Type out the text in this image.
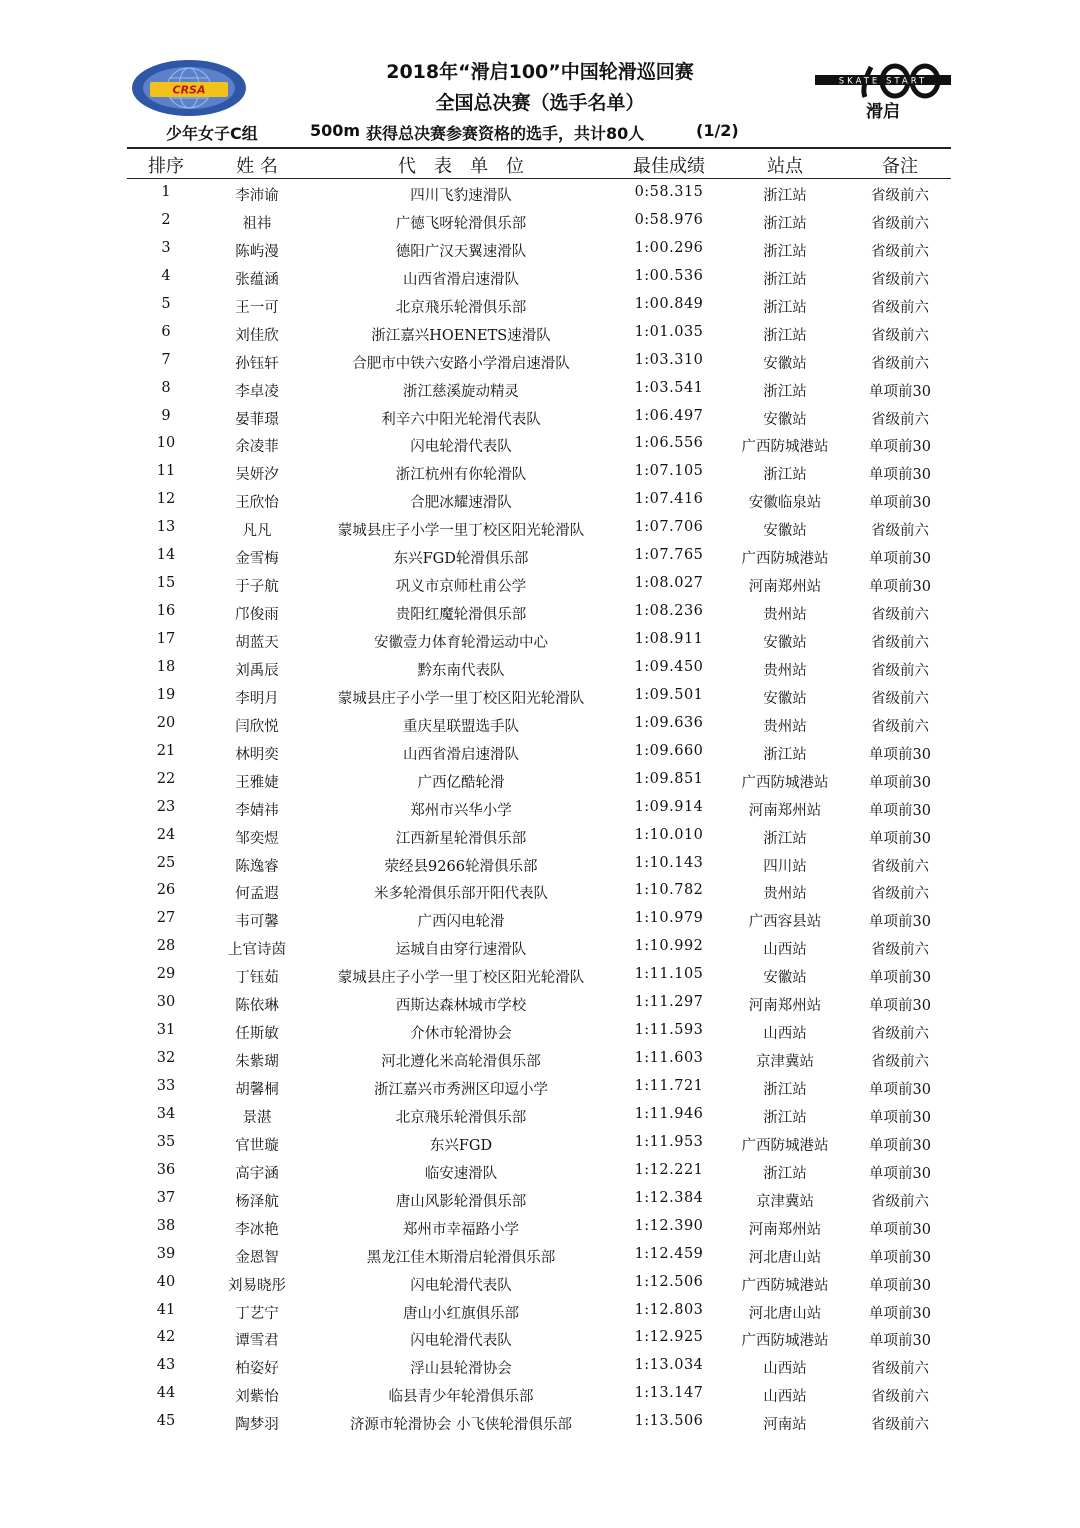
CRSA
SKATE START
滑启
2018年“滑启100”中国轮滑巡回赛
全国总决赛（选手名单）
少年女子C组	500m 获得总决赛参赛资格的选手，共计80人	(1/2)
排序	姓 名	代　表　单　位	最佳成绩	站点	备注
1	李沛谕	四川飞豹速滑队	0:58.315	浙江站	省级前六
2	祖祎	广德飞呀轮滑俱乐部	0:58.976	浙江站	省级前六
3	陈屿漫	德阳广汉天翼速滑队	1:00.296	浙江站	省级前六
4	张蕴涵	山西省滑启速滑队	1:00.536	浙江站	省级前六
5	王一可	北京飛乐轮滑俱乐部	1:00.849	浙江站	省级前六
6	刘佳欣	浙江嘉兴HOENETS速滑队	1:01.035	浙江站	省级前六
7	孙钰轩	合肥市中铁六安路小学滑启速滑队	1:03.310	安徽站	省级前六
8	李卓凌	浙江慈溪旋动精灵	1:03.541	浙江站	单项前30
9	晏菲璟	利辛六中阳光轮滑代表队	1:06.497	安徽站	省级前六
10	余凌菲	闪电轮滑代表队	1:06.556	广西防城港站	单项前30
11	吴妍汐	浙江杭州有你轮滑队	1:07.105	浙江站	单项前30
12	王欣怡	合肥冰耀速滑队	1:07.416	安徽临泉站	单项前30
13	凡凡	蒙城县庄子小学一里丁校区阳光轮滑队	1:07.706	安徽站	省级前六
14	金雪梅	东兴FGD轮滑俱乐部	1:07.765	广西防城港站	单项前30
15	于子航	巩义市京师杜甫公学	1:08.027	河南郑州站	单项前30
16	邝俊雨	贵阳红魔轮滑俱乐部	1:08.236	贵州站	省级前六
17	胡蓝天	安徽壹力体育轮滑运动中心	1:08.911	安徽站	省级前六
18	刘禹辰	黔东南代表队	1:09.450	贵州站	省级前六
19	李明月	蒙城县庄子小学一里丁校区阳光轮滑队	1:09.501	安徽站	省级前六
20	闫欣悦	重庆星联盟选手队	1:09.636	贵州站	省级前六
21	林明奕	山西省滑启速滑队	1:09.660	浙江站	单项前30
22	王雅婕	广西亿酷轮滑	1:09.851	广西防城港站	单项前30
23	李婧祎	郑州市兴华小学	1:09.914	河南郑州站	单项前30
24	邹奕煜	江西新星轮滑俱乐部	1:10.010	浙江站	单项前30
25	陈逸睿	荥经县9266轮滑俱乐部	1:10.143	四川站	省级前六
26	何孟遐	米多轮滑俱乐部开阳代表队	1:10.782	贵州站	省级前六
27	韦可馨	广西闪电轮滑	1:10.979	广西容县站	单项前30
28	上官诗茵	运城自由穿行速滑队	1:10.992	山西站	省级前六
29	丁钰茹	蒙城县庄子小学一里丁校区阳光轮滑队	1:11.105	安徽站	单项前30
30	陈依琳	西斯达森林城市学校	1:11.297	河南郑州站	单项前30
31	任斯敏	介休市轮滑协会	1:11.593	山西站	省级前六
32	朱紫瑚	河北遵化米高轮滑俱乐部	1:11.603	京津冀站	省级前六
33	胡馨桐	浙江嘉兴市秀洲区印逗小学	1:11.721	浙江站	单项前30
34	景湛	北京飛乐轮滑俱乐部	1:11.946	浙江站	单项前30
35	官世璇	东兴FGD	1:11.953	广西防城港站	单项前30
36	高宇涵	临安速滑队	1:12.221	浙江站	单项前30
37	杨泽航	唐山风影轮滑俱乐部	1:12.384	京津冀站	省级前六
38	李冰艳	郑州市幸福路小学	1:12.390	河南郑州站	单项前30
39	金恩智	黑龙江佳木斯滑启轮滑俱乐部	1:12.459	河北唐山站	单项前30
40	刘易晓彤	闪电轮滑代表队	1:12.506	广西防城港站	单项前30
41	丁艺宁	唐山小红旗俱乐部	1:12.803	河北唐山站	单项前30
42	谭雪君	闪电轮滑代表队	1:12.925	广西防城港站	单项前30
43	柏姿好	浮山县轮滑协会	1:13.034	山西站	省级前六
44	刘紫怡	临县青少年轮滑俱乐部	1:13.147	山西站	省级前六
45	陶梦羽	济源市轮滑协会 小飞侠轮滑俱乐部	1:13.506	河南站	省级前六
